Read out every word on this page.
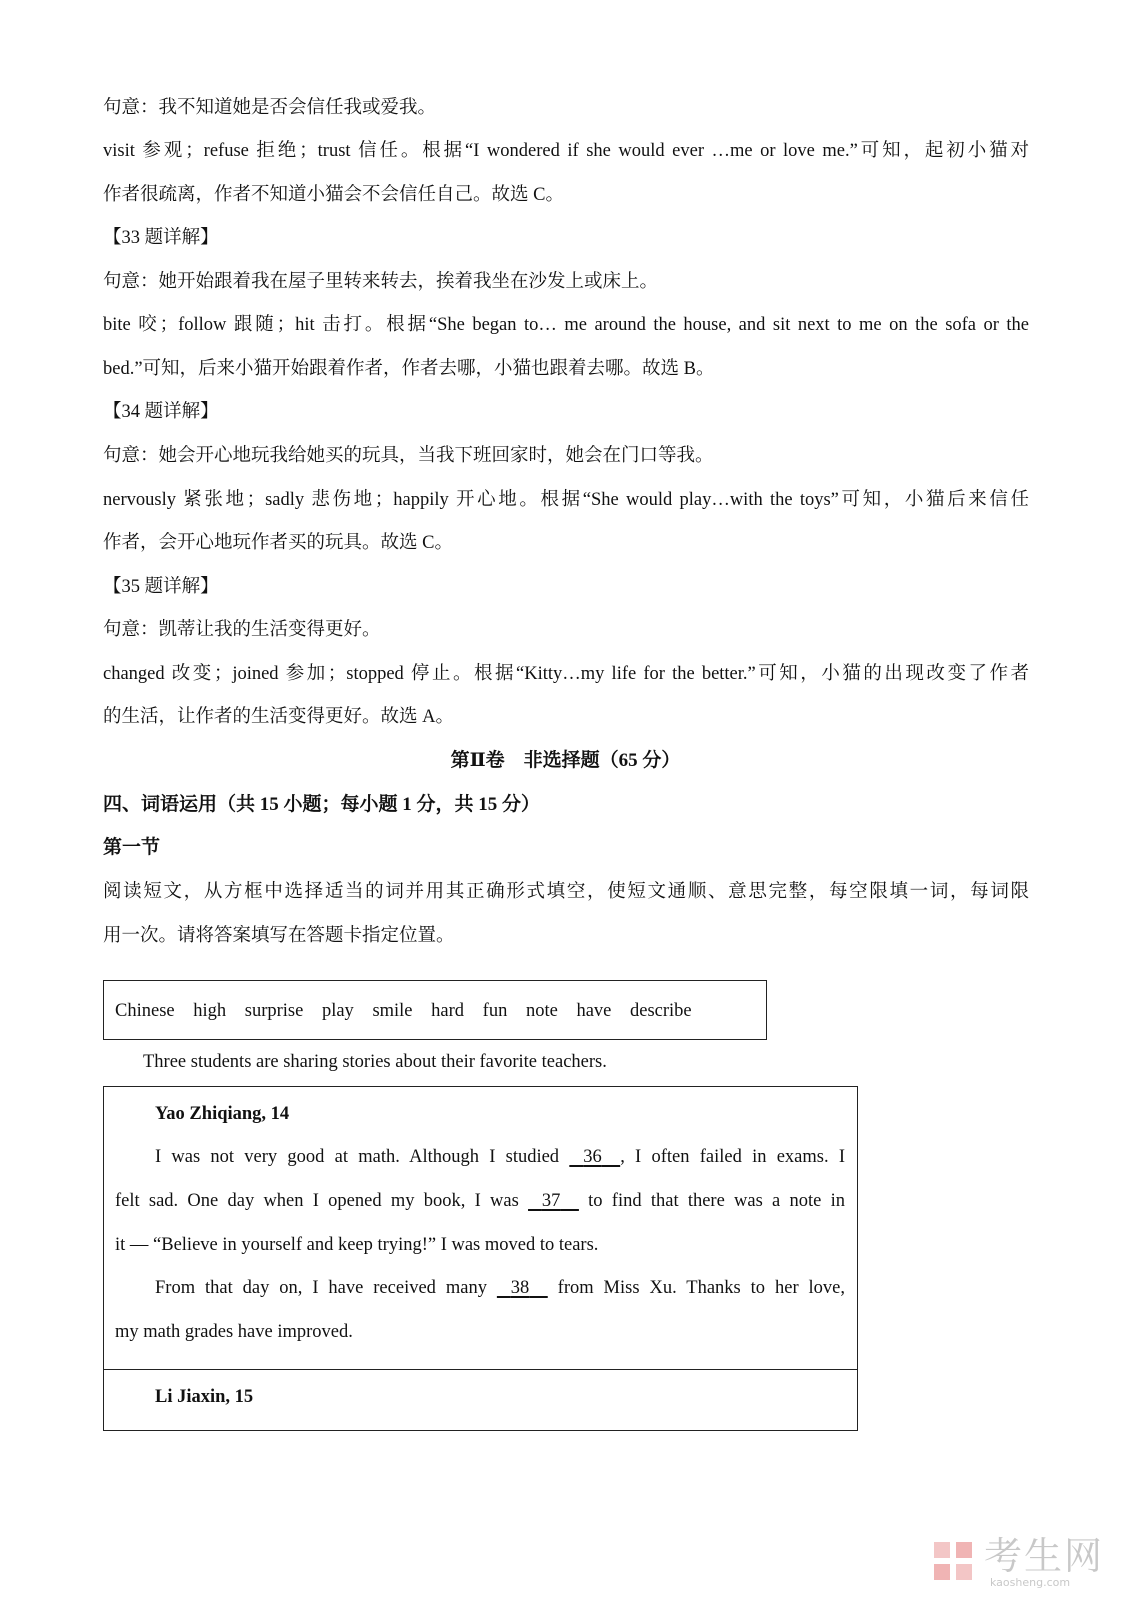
句意：我不知道她是否会信任我或爱我。
visit 参观；refuse 拒绝；trust 信任。根据“I wondered if she would ever …me or love me.”可知，起初小猫对
作者很疏离，作者不知道小猫会不会信任自己。故选 C。
【33 题详解】
句意：她开始跟着我在屋子里转来转去，挨着我坐在沙发上或床上。
bite 咬；follow 跟随；hit 击打。根据“She began to… me around the house, and sit next to me on the sofa or the
bed.”可知，后来小猫开始跟着作者，作者去哪，小猫也跟着去哪。故选 B。
【34 题详解】
句意：她会开心地玩我给她买的玩具，当我下班回家时，她会在门口等我。
nervously 紧张地；sadly 悲伤地；happily 开心地。根据“She would play…with the toys”可知，小猫后来信任
作者，会开心地玩作者买的玩具。故选 C。
【35 题详解】
句意：凯蒂让我的生活变得更好。
changed 改变；joined 参加；stopped 停止。根据“Kitty…my life for the better.”可知，小猫的出现改变了作者
的生活，让作者的生活变得更好。故选 A。
第Ⅱ卷　非选择题（65 分）
四、词语运用（共 15 小题；每小题 1 分，共 15 分）
第一节
阅读短文，从方框中选择适当的词并用其正确形式填空，使短文通顺、意思完整，每空限填一词，每词限
用一次。请将答案填写在答题卡指定位置。
Chinese high surprise play smile hard fun note have describe
Three students are sharing stories about their favorite teachers.
Yao Zhiqiang, 14
I was not very good at math. Although I studied 36 , I often failed in exams. I
felt sad. One day when I opened my book, I was 37 to find that there was a note in
it — “Believe in yourself and keep trying!” I was moved to tears.
From that day on, I have received many 38 from Miss Xu. Thanks to her love,
my math grades have improved.
Li Jiaxin, 15
考生网
kaosheng.com
